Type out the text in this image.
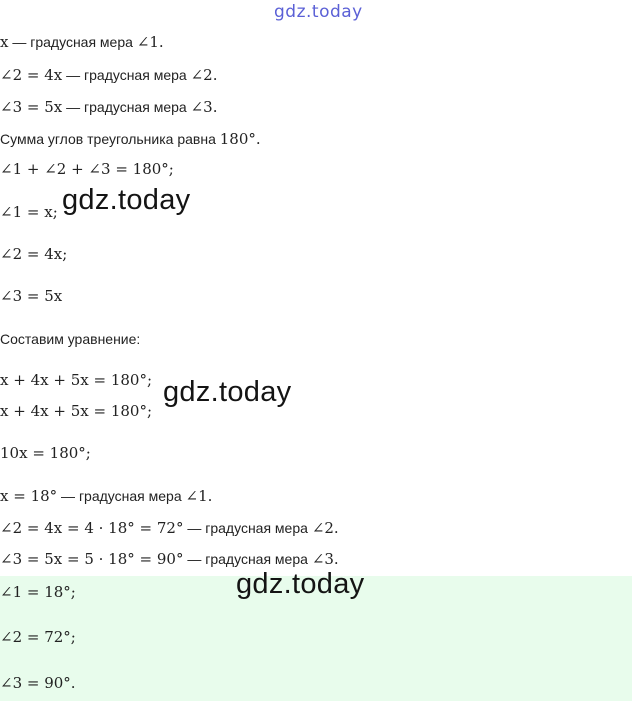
gdz.today
x — градусная мера ∠1.
∠2 = 4x — градусная мера ∠2.
∠3 = 5x — градусная мера ∠3.
Сумма углов треугольника равна 180°.
∠1 + ∠2 + ∠3 = 180°;
∠1 = x;
∠2 = 4x;
∠3 = 5x
Составим уравнение:
x + 4x + 5x = 180°;
x + 4x + 5x = 180°;
10x = 180°;
x = 18° — градусная мера ∠1.
∠2 = 4x = 4 · 18° = 72° — градусная мера ∠2.
∠3 = 5x = 5 · 18° = 90° — градусная мера ∠3.
∠1 = 18°;
∠2 = 72°;
∠3 = 90°.
gdz.today
gdz.today
gdz.today
